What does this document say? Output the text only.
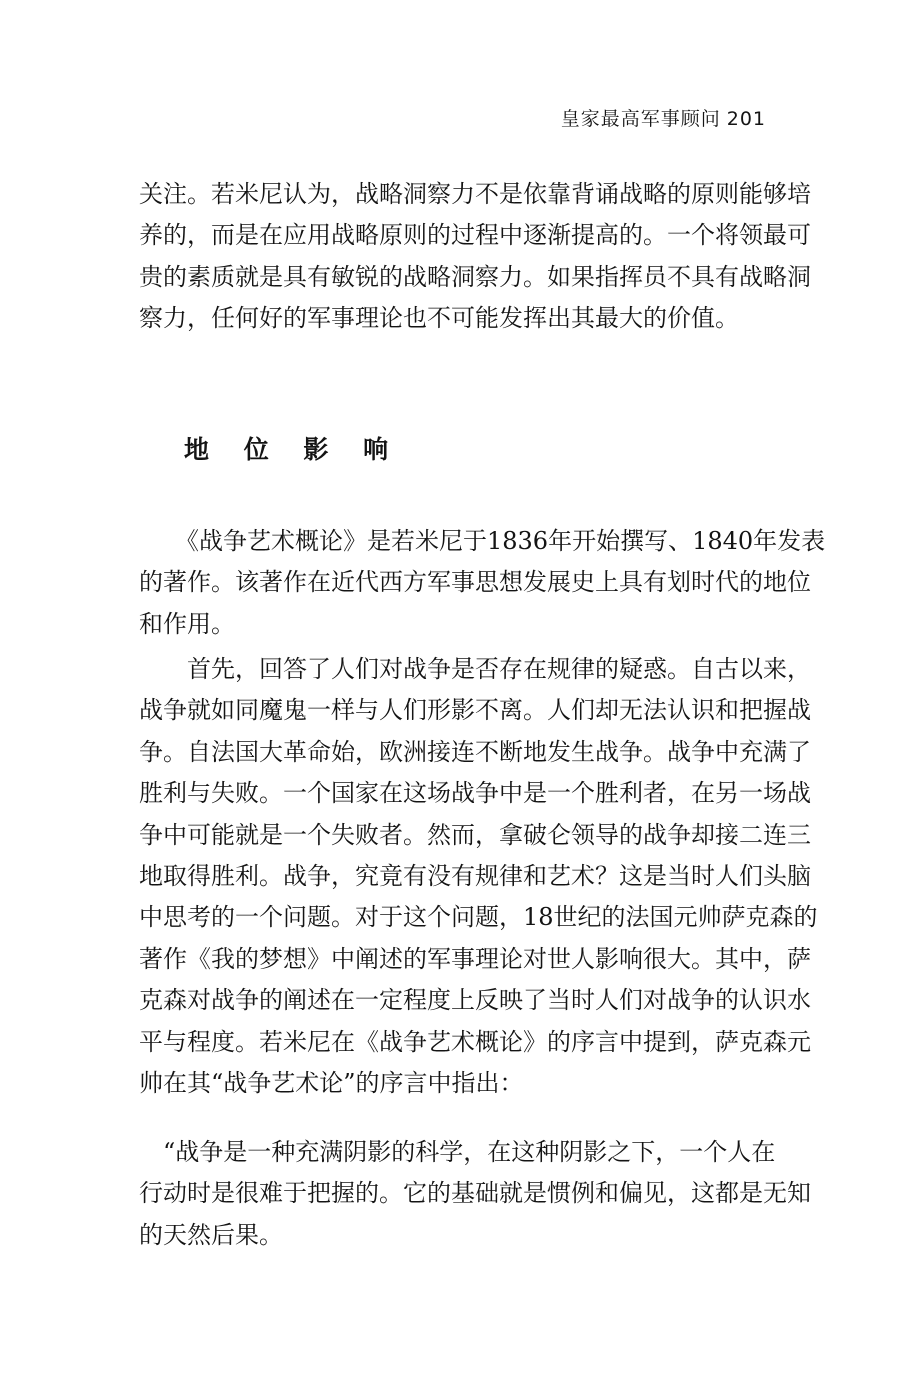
皇家最高军事顾问 201
关注。若米尼认为，战略洞察力不是依靠背诵战略的原则能够培
养的，而是在应用战略原则的过程中逐渐提高的。一个将领最可
贵的素质就是具有敏锐的战略洞察力。如果指挥员不具有战略洞
察力，任何好的军事理论也不可能发挥出其最大的价值。
地 位 影 响
　　《战争艺术概论》是若米尼于1836年开始撰写、1840年发表
的著作。该著作在近代西方军事思想发展史上具有划时代的地位
和作用。
　　首先，回答了人们对战争是否存在规律的疑惑。自古以来，
战争就如同魔鬼一样与人们形影不离。人们却无法认识和把握战
争。自法国大革命始，欧洲接连不断地发生战争。战争中充满了
胜利与失败。一个国家在这场战争中是一个胜利者，在另一场战
争中可能就是一个失败者。然而，拿破仑领导的战争却接二连三
地取得胜利。战争，究竟有没有规律和艺术？这是当时人们头脑
中思考的一个问题。对于这个问题，18世纪的法国元帅萨克森的
著作《我的梦想》中阐述的军事理论对世人影响很大。其中，萨
克森对战争的阐述在一定程度上反映了当时人们对战争的认识水
平与程度。若米尼在《战争艺术概论》的序言中提到，萨克森元
帅在其“战争艺术论”的序言中指出：
　“战争是一种充满阴影的科学，在这种阴影之下，一个人在
行动时是很难于把握的。它的基础就是惯例和偏见，这都是无知
的天然后果。
